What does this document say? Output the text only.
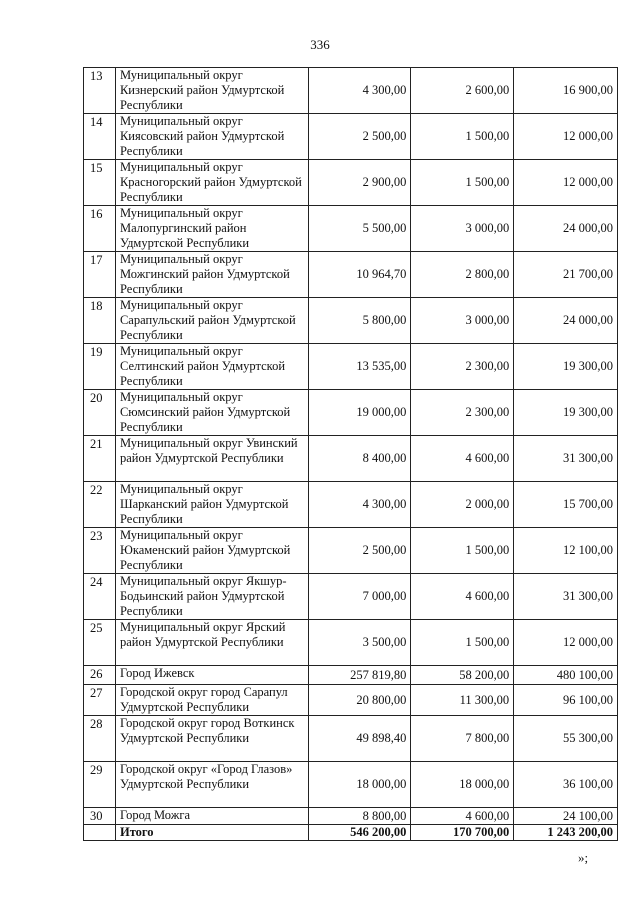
336
13	Муниципальный округ Кизнерский район Удмуртской Республики	4 300,00	2 600,00	16 900,00
14	Муниципальный округ Киясовский район Удмуртской Республики	2 500,00	1 500,00	12 000,00
15	Муниципальный округ Красногорский район Удмуртской Республики	2 900,00	1 500,00	12 000,00
16	Муниципальный округ Малопургинский район Удмуртской Республики	5 500,00	3 000,00	24 000,00
17	Муниципальный округ Можгинский район Удмуртской Республики	10 964,70	2 800,00	21 700,00
18	Муниципальный округ Сарапульский район Удмуртской Республики	5 800,00	3 000,00	24 000,00
19	Муниципальный округ Селтинский район Удмуртской Республики	13 535,00	2 300,00	19 300,00
20	Муниципальный округ Сюмсинский район Удмуртской Республики	19 000,00	2 300,00	19 300,00
21	Муниципальный округ Увинский район Удмуртской Республики	8 400,00	4 600,00	31 300,00
22	Муниципальный округ Шарканский район Удмуртской Республики	4 300,00	2 000,00	15 700,00
23	Муниципальный округ Юкаменский район Удмуртской Республики	2 500,00	1 500,00	12 100,00
24	Муниципальный округ Якшур-Бодьинский район Удмуртской Республики	7 000,00	4 600,00	31 300,00
25	Муниципальный округ Ярский район Удмуртской Республики	3 500,00	1 500,00	12 000,00
26	Город Ижевск	257 819,80	58 200,00	480 100,00
27	Городской округ город Сарапул Удмуртской Республики	20 800,00	11 300,00	96 100,00
28	Городской округ город Воткинск Удмуртской Республики	49 898,40	7 800,00	55 300,00
29	Городской округ «Город Глазов» Удмуртской Республики	18 000,00	18 000,00	36 100,00
30	Город Можга	8 800,00	4 600,00	24 100,00
	Итого	546 200,00	170 700,00	1 243 200,00
»;
